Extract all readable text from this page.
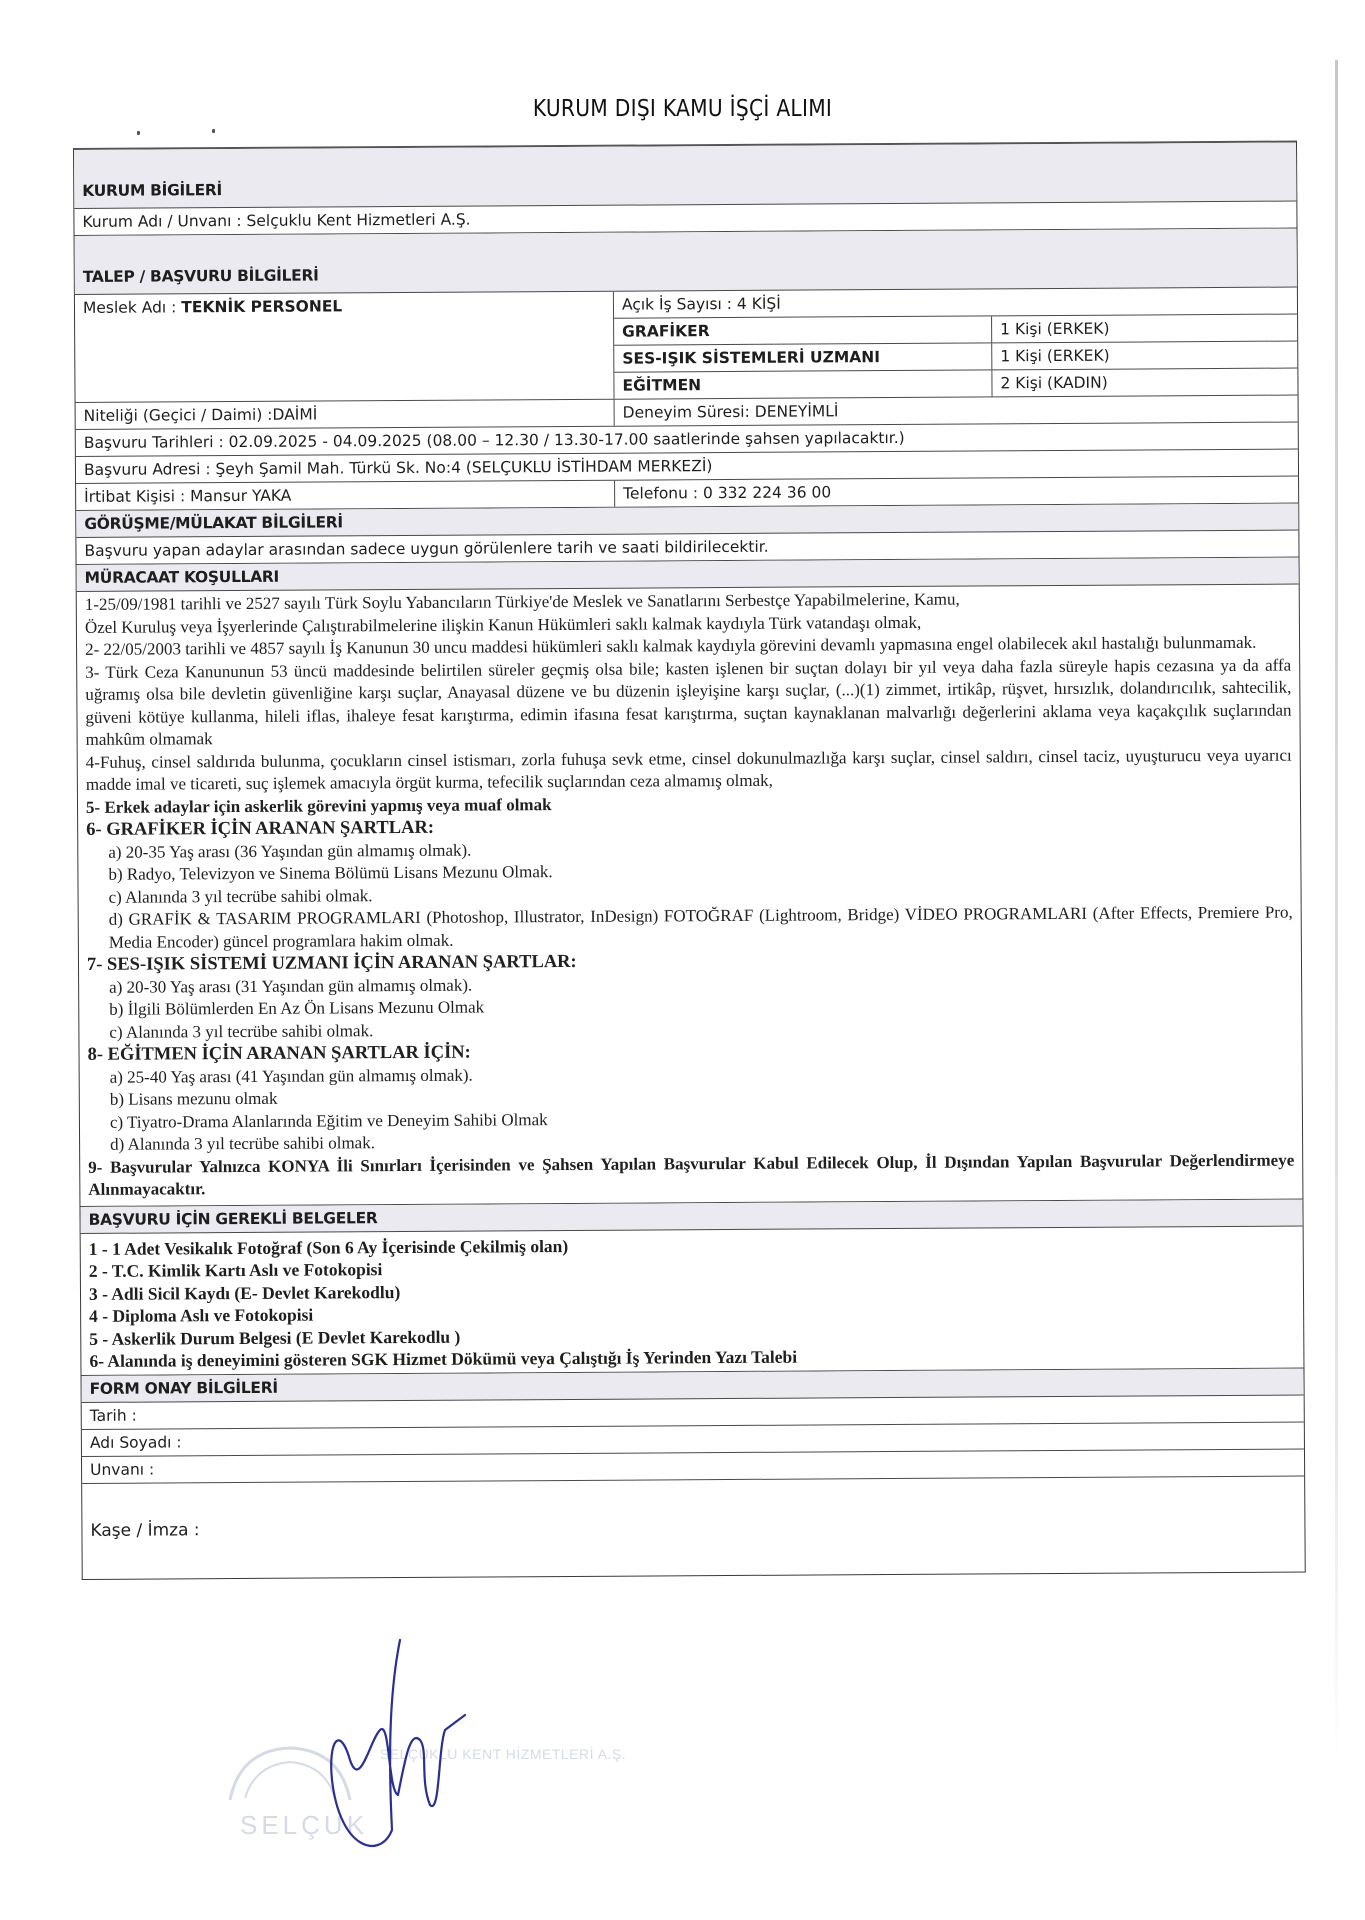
KURUM DIŞI KAMU İŞÇİ ALIMI
KURUM BİGİLERİ
Kurum Adı / Unvanı : Selçuklu Kent Hizmetleri A.Ş.
TALEP / BAŞVURU BİLGİLERİ
Meslek Adı : TEKNİK PERSONEL	Açık İş Sayısı : 4 KİŞİ
GRAFİKER	1 Kişi (ERKEK)
SES-IŞIK SİSTEMLERİ UZMANI	1 Kişi (ERKEK)
EĞİTMEN	2 Kişi (KADIN)
Niteliği (Geçici / Daimi) :DAİMİ	Deneyim Süresi: DENEYİMLİ
Başvuru Tarihleri : 02.09.2025 - 04.09.2025 (08.00 – 12.30 / 13.30-17.00 saatlerinde şahsen yapılacaktır.)
Başvuru Adresi : Şeyh Şamil Mah. Türkü Sk. No:4 (SELÇUKLU İSTİHDAM MERKEZİ)
İrtibat Kişisi : Mansur YAKA	Telefonu : 0 332 224 36 00
GÖRÜŞME/MÜLAKAT BİLGİLERİ
Başvuru yapan adaylar arasından sadece uygun görülenlere tarih ve saati bildirilecektir.
MÜRACAAT KOŞULLARI

1-25/09/1981 tarihli ve 2527 sayılı Türk Soylu Yabancıların Türkiye'de Meslek ve Sanatlarını Serbestçe Yapabilmelerine, Kamu,

Özel Kuruluş veya İşyerlerinde Çalıştırabilmelerine ilişkin Kanun Hükümleri saklı kalmak kaydıyla Türk vatandaşı olmak,

2- 22/05/2003 tarihli ve 4857 sayılı İş Kanunun 30 uncu maddesi hükümleri saklı kalmak kaydıyla görevini devamlı yapmasına engel olabilecek akıl hastalığı bulunmamak.

3- Türk Ceza Kanununun 53 üncü maddesinde belirtilen süreler geçmiş olsa bile; kasten işlenen bir suçtan dolayı bir yıl veya daha fazla süreyle hapis cezasına ya da affa uğramış olsa bile devletin güvenliğine karşı suçlar, Anayasal düzene ve bu düzenin işleyişine karşı suçlar, (...)(1) zimmet, irtikâp, rüşvet, hırsızlık, dolandırıcılık, sahtecilik, güveni kötüye kullanma, hileli iflas, ihaleye fesat karıştırma, edimin ifasına fesat karıştırma, suçtan kaynaklanan malvarlığı değerlerini aklama veya kaçakçılık suçlarından mahkûm olmamak

4-Fuhuş, cinsel saldırıda bulunma, çocukların cinsel istismarı, zorla fuhuşa sevk etme, cinsel dokunulmazlığa karşı suçlar, cinsel saldırı, cinsel taciz, uyuşturucu veya uyarıcı madde imal ve ticareti, suç işlemek amacıyla örgüt kurma, tefecilik suçlarından ceza almamış olmak,

5- Erkek adaylar için askerlik görevini yapmış veya muaf olmak

6- GRAFİKER İÇİN ARANAN ŞARTLAR:

a) 20-35 Yaş arası (36 Yaşından gün almamış olmak).

b) Radyo, Televizyon ve Sinema Bölümü Lisans Mezunu Olmak.

c) Alanında 3 yıl tecrübe sahibi olmak.

d) GRAFİK & TASARIM PROGRAMLARI (Photoshop, Illustrator, InDesign) FOTOĞRAF (Lightroom, Bridge) VİDEO PROGRAMLARI (After Effects, Premiere Pro, Media Encoder) güncel programlara hakim olmak.

7- SES-IŞIK SİSTEMİ UZMANI İÇİN ARANAN ŞARTLAR:

a) 20-30 Yaş arası (31 Yaşından gün almamış olmak).

b) İlgili Bölümlerden En Az Ön Lisans Mezunu Olmak

c) Alanında 3 yıl tecrübe sahibi olmak.

8- EĞİTMEN İÇİN ARANAN ŞARTLAR İÇİN:

a) 25-40 Yaş arası (41 Yaşından gün almamış olmak).

b) Lisans mezunu olmak

c) Tiyatro-Drama Alanlarında Eğitim ve Deneyim Sahibi Olmak

d) Alanında 3 yıl tecrübe sahibi olmak.

9- Başvurular Yalnızca KONYA İli Sınırları İçerisinden ve Şahsen Yapılan Başvurular Kabul Edilecek Olup, İl Dışından Yapılan Başvurular Değerlendirmeye Alınmayacaktır.

BAŞVURU İÇİN GEREKLİ BELGELER

1 - 1 Adet Vesikalık Fotoğraf (Son 6 Ay İçerisinde Çekilmiş olan)

2 - T.C. Kimlik Kartı Aslı ve Fotokopisi

3 - Adli Sicil Kaydı (E- Devlet Karekodlu)

4 - Diploma Aslı ve Fotokopisi

5 - Askerlik Durum Belgesi (E Devlet Karekodlu )

6- Alanında iş deneyimini gösteren SGK Hizmet Dökümü veya Çalıştığı İş Yerinden Yazı Talebi

FORM ONAY BİLGİLERİ
Tarih :
Adı Soyadı :
Unvanı :
Kaşe / İmza :
SELÇUKLU KENT HİZMETLERİ A.Ş.
SELÇUK
